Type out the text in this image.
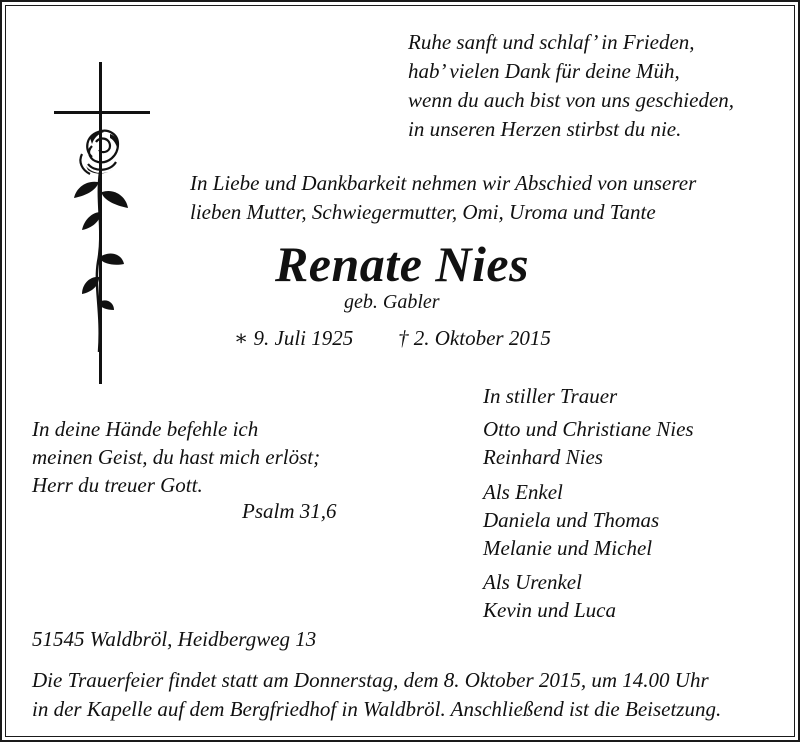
Ruhe sanft und schlaf’ in Frieden,
hab’ vielen Dank für deine Müh,
wenn du auch bist von uns geschieden,
in unseren Herzen stirbst du nie.
In Liebe und Dankbarkeit nehmen wir Abschied von unserer
lieben Mutter, Schwiegermutter, Omi, Uroma und Tante
Renate Nies
geb. Gabler
∗ 9. Juli 1925 † 2. Oktober 2015
In deine Hände befehle ich
meinen Geist, du hast mich erlöst;
Herr du treuer Gott.
Psalm 31,6
In stiller Trauer
Otto und Christiane Nies
Reinhard Nies
Als Enkel
Daniela und Thomas
Melanie und Michel
Als Urenkel
Kevin und Luca
51545 Waldbröl, Heidbergweg 13
Die Trauerfeier findet statt am Donnerstag, dem 8. Oktober 2015, um 14.00 Uhr
in der Kapelle auf dem Bergfriedhof in Waldbröl. Anschließend ist die Beisetzung.
